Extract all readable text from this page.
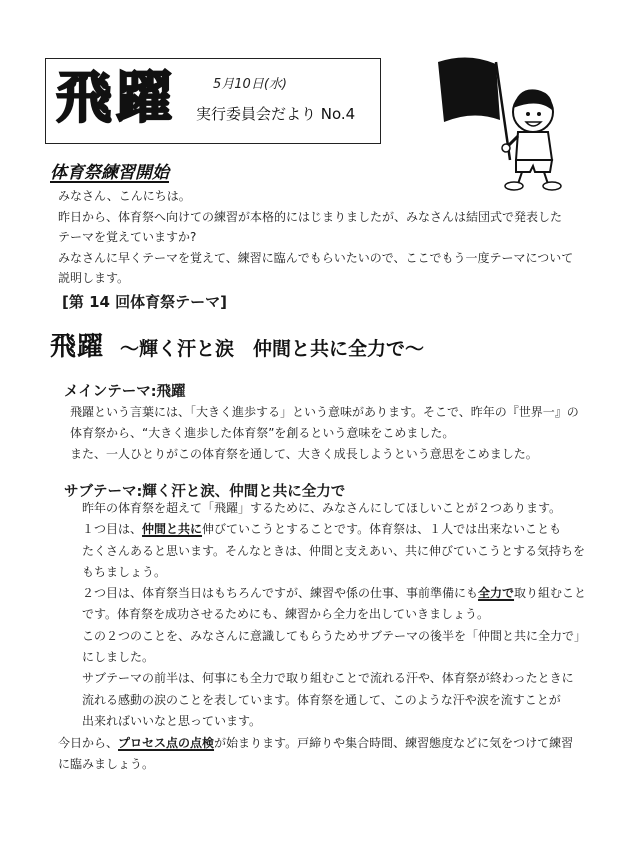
飛躍	5月10日(水)
実行委員会だより No.4
体育祭練習開始

みなさん、こんにちは。

昨日から、体育祭へ向けての練習が本格的にはじまりましたが、みなさんは結団式で発表した

テーマを覚えていますか?

みなさんに早くテーマを覚えて、練習に臨んでもらいたいので、ここでもう一度テーマについて

説明します。

[第 14 回体育祭テーマ]
飛躍 ～輝く汗と涙　仲間と共に全力で～
メインテーマ:飛躍

飛躍という言葉には、「大きく進歩する」という意味があります。そこで、昨年の『世界一』の

体育祭から、“大きく進歩した体育祭”を創るという意味をこめました。

また、一人ひとりがこの体育祭を通して、大きく成長しようという意思をこめました。

サブテーマ:輝く汗と涙、仲間と共に全力で

昨年の体育祭を超えて「飛躍」するために、みなさんにしてほしいことが２つあります。

１つ目は、仲間と共に伸びていこうとすることです。体育祭は、１人では出来ないことも

たくさんあると思います。そんなときは、仲間と支えあい、共に伸びていこうとする気持ちを

もちましょう。

２つ目は、体育祭当日はもちろんですが、練習や係の仕事、事前準備にも全力で取り組むこと

です。体育祭を成功させるためにも、練習から全力を出していきましょう。

この２つのことを、みなさんに意識してもらうためサブテーマの後半を「仲間と共に全力で」

にしました。

サブテーマの前半は、何事にも全力で取り組むことで流れる汗や、体育祭が終わったときに

流れる感動の涙のことを表しています。体育祭を通して、このような汗や涙を流すことが

出来ればいいなと思っています。

今日から、プロセス点の点検が始まります。戸締りや集合時間、練習態度などに気をつけて練習

に臨みましょう。
